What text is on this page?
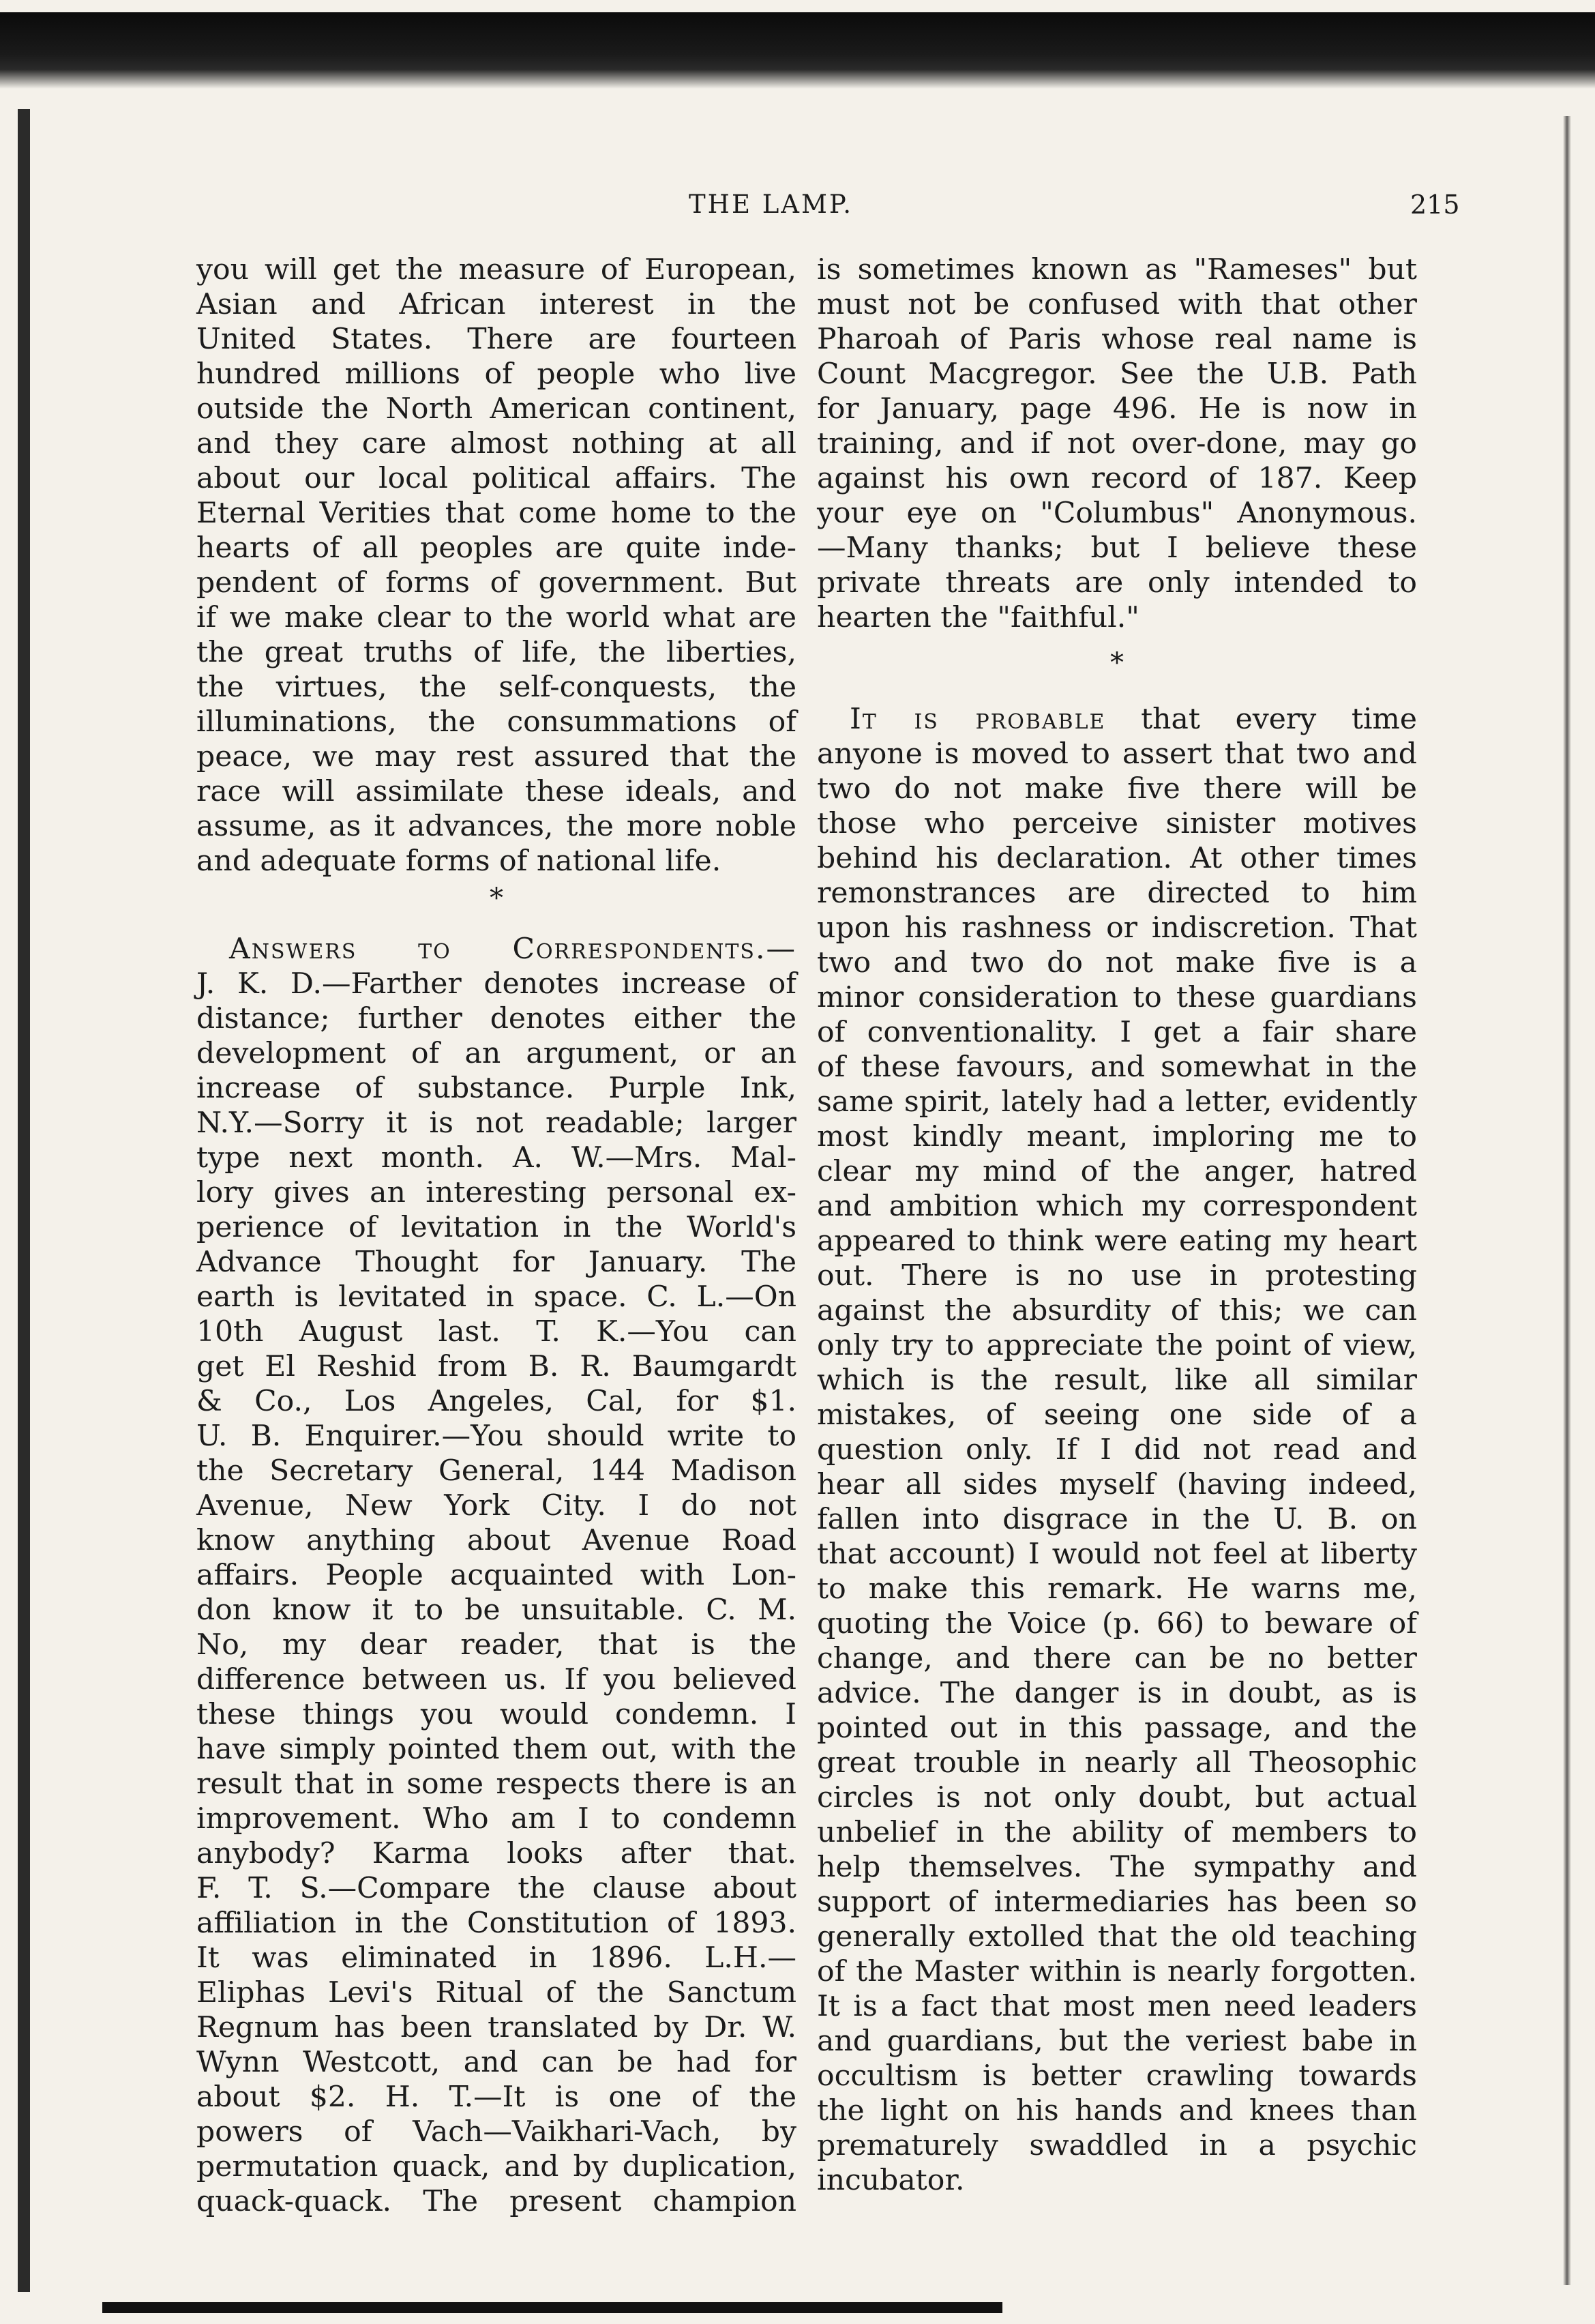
THE LAMP.	215
you will get the measure of European,
Asian and African interest in the
United States. There are fourteen
hundred millions of people who live
outside the North American continent,
and they care almost nothing at all
about our local political affairs. The
Eternal Verities that come home to the
hearts of all peoples are quite inde-
pendent of forms of government. But
if we make clear to the world what are
the great truths of life, the liberties,
the virtues, the self-conquests, the
illuminations, the consummations of
peace, we may rest assured that the
race will assimilate these ideals, and
assume, as it advances, the more noble
and adequate forms of national life.
*
Answers to Correspondents.—
J. K. D.—Farther denotes increase of
distance; further denotes either the
development of an argument, or an
increase of substance. Purple Ink,
N.Y.—Sorry it is not readable; larger
type next month. A. W.—Mrs. Mal-
lory gives an interesting personal ex-
perience of levitation in the World's
Advance Thought for January. The
earth is levitated in space. C. L.—On
10th August last. T. K.—You can
get El Reshid from B. R. Baumgardt
& Co., Los Angeles, Cal, for $1.
U. B. Enquirer.—You should write to
the Secretary General, 144 Madison
Avenue, New York City. I do not
know anything about Avenue Road
affairs. People acquainted with Lon-
don know it to be unsuitable. C. M.
No, my dear reader, that is the
difference between us. If you believed
these things you would condemn. I
have simply pointed them out, with the
result that in some respects there is an
improvement. Who am I to condemn
anybody? Karma looks after that.
F. T. S.—Compare the clause about
affiliation in the Constitution of 1893.
It was eliminated in 1896. L.H.—
Eliphas Levi's Ritual of the Sanctum
Regnum has been translated by Dr. W.
Wynn Westcott, and can be had for
about $2. H. T.—It is one of the
powers of Vach—Vaikhari-Vach, by
permutation quack, and by duplication,
quack-quack. The present champion
is sometimes known as "Rameses" but
must not be confused with that other
Pharoah of Paris whose real name is
Count Macgregor. See the U.B. Path
for January, page 496. He is now in
training, and if not over-done, may go
against his own record of 187. Keep
your eye on "Columbus" Anonymous.
—Many thanks; but I believe these
private threats are only intended to
hearten the "faithful."
*
It is probable that every time
anyone is moved to assert that two and
two do not make five there will be
those who perceive sinister motives
behind his declaration. At other times
remonstrances are directed to him
upon his rashness or indiscretion. That
two and two do not make five is a
minor consideration to these guardians
of conventionality. I get a fair share
of these favours, and somewhat in the
same spirit, lately had a letter, evidently
most kindly meant, imploring me to
clear my mind of the anger, hatred
and ambition which my correspondent
appeared to think were eating my heart
out. There is no use in protesting
against the absurdity of this; we can
only try to appreciate the point of view,
which is the result, like all similar
mistakes, of seeing one side of a
question only. If I did not read and
hear all sides myself (having indeed,
fallen into disgrace in the U. B. on
that account) I would not feel at liberty
to make this remark. He warns me,
quoting the Voice (p. 66) to beware of
change, and there can be no better
advice. The danger is in doubt, as is
pointed out in this passage, and the
great trouble in nearly all Theosophic
circles is not only doubt, but actual
unbelief in the ability of members to
help themselves. The sympathy and
support of intermediaries has been so
generally extolled that the old teaching
of the Master within is nearly forgotten.
It is a fact that most men need leaders
and guardians, but the veriest babe in
occultism is better crawling towards
the light on his hands and knees than
prematurely swaddled in a psychic
incubator.
